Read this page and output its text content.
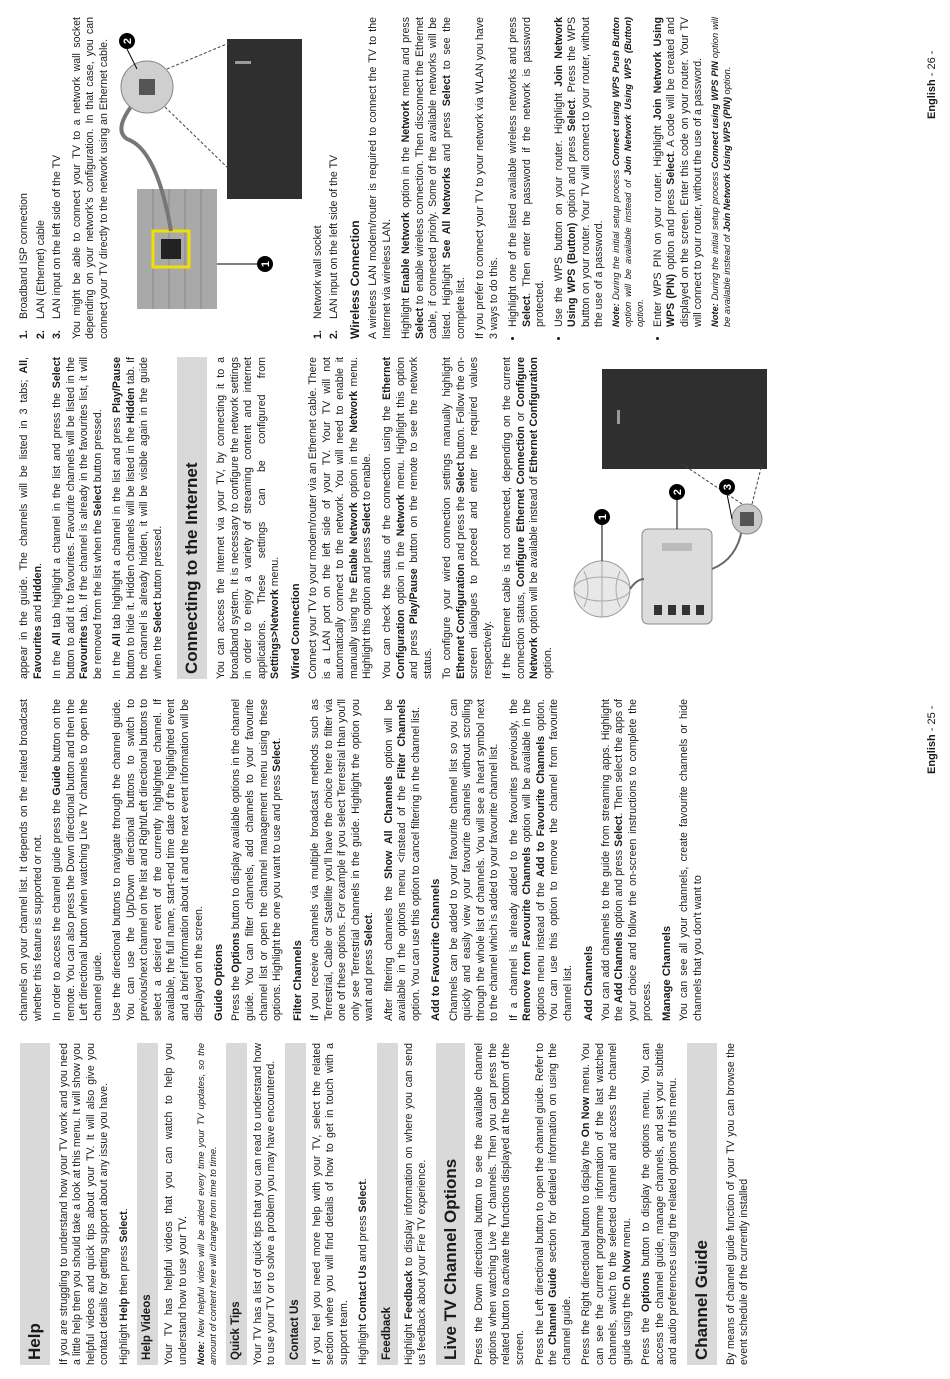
Help	If you are struggling to understand how your TV work and you need a little help then you should take a look at this menu. It will show you helpful videos and quick tips about your TV. It will also give you contact details for getting support about any issue you have. Highlight Help then press Select.

Help Videos Your TV has helpful videos that you can watch to help you understand how to use your TV. Note: New helpful video will be added every time your TV updates, so the amount of content here will change from time to time.	Quick Tips Your TV has a list of quick tips that you can read to understand how to use your TV or to solve a problem you may have encountered.	Contact Us If you feel you need more help with your TV, select the related section where you will find details of how to get in touch with a support team. Highlight Contact Us and press Select.

Feedback Highlight Feedback to display information on where you can send us feedback about your Fire TV experience. Live TV Channel Options	Press the Down directional button to see the available channel options when watching Live TV channels. Then you can press the related button to activate the functions displayed at the bottom of the screen. Press the Left directional button to open the channel guide. Refer to the Channel Guide section for detailed information on using the channel guide. Press the Right directional button to display the On Now menu. You can see the current programme information of the last watched channels, switch to the selected channel and access the channel guide using the On Now menu.

Press the Options button to display the options menu. You can access the channel guide, manage channels, and set your subtitle and audio preferences using the related options of this menu. Channel Guide	By means of channel guide function of your TV you can browse the event schedule of the currently installed

channels on your channel list. It depends on the related broadcast whether this feature is supported or not. In order to access the channel guide press the Guide button on the remote. You can also press the Down directional button and then the Left directional button when watching Live TV channels to open the channel guide. Use the directional buttons to navigate through the channel guide. You can use the Up/Down directional buttons to switch to previous/next channel on the list and Right/Left directional buttons to select a desired event of the currently highlighted channel. If available, the full name, start-end time date of the highlighted event and a brief information about it and the next event information will be displayed on the screen. Guide Options Press the Options button to display available options in the channel guide. You can filter channels, add channels to your favourite channel list or open the channel management menu using these options. Highlight the one you want to use and press Select.

Filter Channels If you receive channels via multiple broadcast methods such as Terrestrial, Cable or Satellite you'll have the choice here to filter via one of these options. For example if you select Terrestrial than you'll only see Terrestrial channels in the guide. Highlight the option you want and press Select. After filtering channels the Show All Channels option will be available in the options menu <instead of the Filter Channels option. You can use this option to cancel filtering in the channel list. Add to Favourite Channels Channels can be added to your favourite channel list so you can quickly and easily view your favourite channels without scrolling through the whole list of channels. You will see a heart symbol next to the channel which is added to your favourite channel list. If a channel is already added to the favourites previously, the Remove from Favourite Channels option will be available in the options menu instead of the Add to Favourite Channels option. You can use this option to remove the channel from favourite channel list. Add Channels You can add channels to the guide from streaming apps. Highlight the Add Channels option and press Select. Then select the apps of your choice and follow the on-screen instructions to complete the process. Manage Channels You can see all your channels, create favourite channels or hide channels that you don't want to

English - 25 -

appear in the guide. The channels will be listed in 3 tabs; All, Favourites and Hidden.

In the All tab highlight a channel in the list and press the Select button to add it to favourites. Favourite channels will be listed in the Favourites tab. If the channel is already in the favourites list, it will be removed from the list when the Select button pressed.

In the All tab highlight a channel in the list and press Play/Pause button to hide it. Hidden channels will be listed in the Hidden tab. If the channel is already hidden, it will be visible again in the guide when the Select button pressed. Connecting to the Internet	You can access the Internet via your TV, by connecting it to a broadband system. It is necessary to configure the network settings in order to enjoy a variety of streaming content and internet applications. These settings can be configured from Settings>Network menu.

Wired Connection Connect your TV to your modem/router via an Ethernet cable. There is a LAN port on the left side of your TV. Your TV will not automatically connect to the network. You will need to enable it manually using the Enable Network option in the Network menu. Highlight this option and press Select to enable. You can check the status of the connection using the Ethernet Configuration option in the Network menu. Highlight this option and press Play/Pause button on the remote to see the network status. To configure your wired connection settings manually highlight Ethernet Configuration and press the Select button. Follow the on-screen dialogues to proceed and enter the required values respectively. If the Ethernet cable is not connected, depending on the current connection status, Configure Ethernet Connection or Configure Network option will be available instead of Ethernet Configuration option.

1
2
3
English - 26 -
1.
Broadband ISP connection
2.
LAN (Ethernet) cable
3.
LAN input on the left side of the TV You might be able to connect your TV to a network wall socket depending on your network's configuration. In that case, you can connect your TV directly to the network using an Ethernet cable.	1
2
1.
Network wall socket
2.
LAN input on the left side of the TV Wireless Connection A wireless LAN modem/router is required to connect the TV to the Internet via wireless LAN. Highlight Enable Network option in the Network menu and press Select to enable wireless connection. Then disconnect the Ethernet cable, if connected priorly. Some of the available networks will be listed. Highlight See All Networks and press Select to see the complete list. If you prefer to connect your TV to your network via WLAN you have 3 ways to do this. • Highlight one of the listed available wireless networks and press Select. Then enter the password if the network is password protected. • Use the WPS button on your router. Highlight Join Network Using WPS (Button) option and press Select. Press the WPS button on your router. Your TV will connect to your router, without the use of a password. Note: During the initial setup process Connect using WPS Push Button option will be available instead of Join Network Using WPS (Button) option. • Enter WPS PIN on your router. Highlight Join Network Using WPS (PIN) option and press Select. A code will be created and displayed on the screen. Enter this code on your router. Your TV will connect to your router, without the use of a password. Note: During the initial setup process Connect using WPS PIN option will be available instead of Join Network Using WPS (PIN) option.
